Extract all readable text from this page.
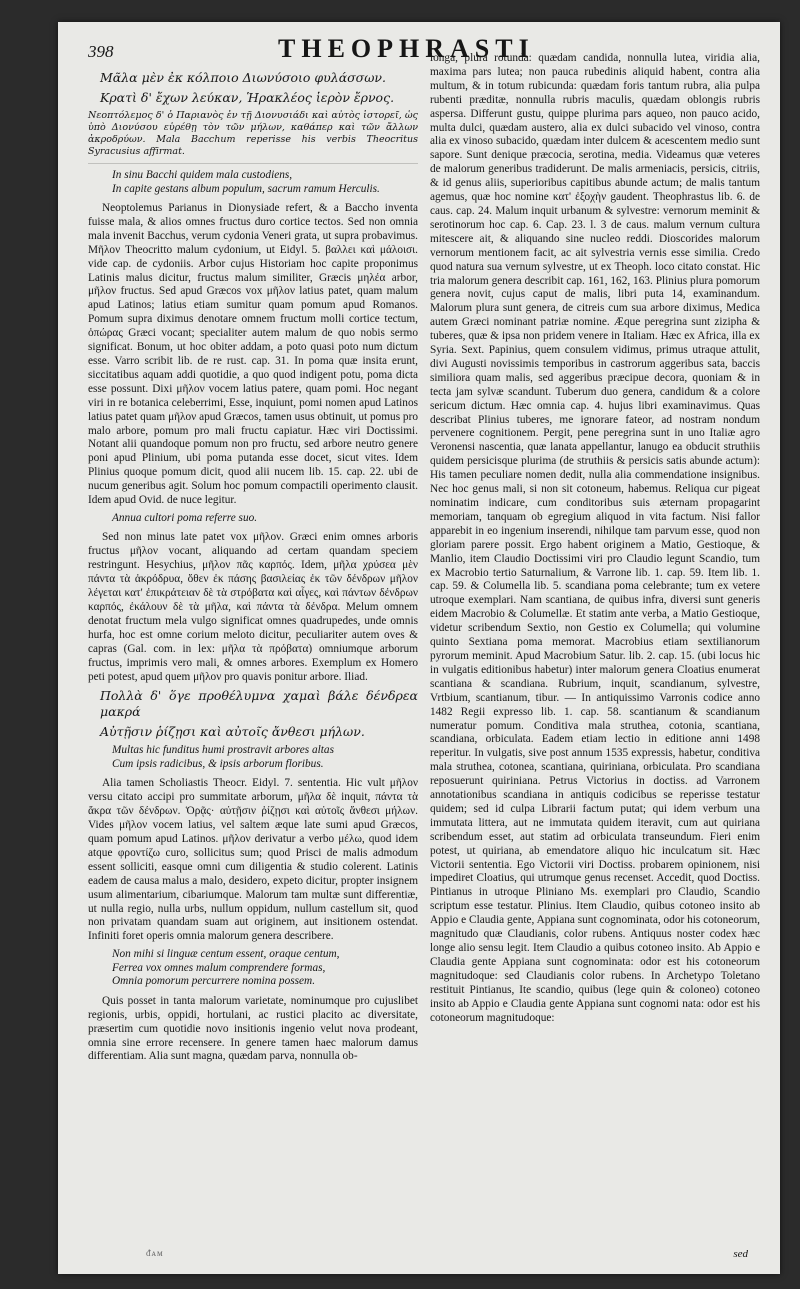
398	THEOPHRASTI
Μᾶλα μὲν ἐκ κόλποιο Διωνύσοιο φυλάσσων.
Κρατὶ δ' ἔχων λεύκαν, Ἡρακλέος ἱερὸν ἔρνος.
Νεοπτόλεμος δ' ὁ Παριανὸς ἐν τῇ Διονυσιάδι καὶ αὐτὸς ἱστορεῖ, ὡς ὑπὸ Διονύσου εὑρέθῃ τὸν τῶν μήλων, καθάπερ καὶ τῶν ἄλλων ἀκροδρύων. Mala Bacchum reperisse his verbis Theocritus Syracusius affirmat.
In sinu Bacchi quidem mala custodiens,
In capite gestans album populum, sacrum ramum Herculis.

Neoptolemus Parianus in Dionysiade refert, & a Baccho inventa fuisse mala, & alios omnes fructus duro cortice tectos. Sed non omnia mala invenit Bacchus, verum cydonia Veneri grata, ut supra probavimus. Μῆλον Theocritto malum cydonium, ut Eidyl. 5. βαλλει καὶ μάλοισι. vide cap. de cydoniis. Arbor cujus Historiam hoc capite proponimus Latinis malus dicitur, fructus malum similiter, Græcis μηλέα arbor, μῆλον fructus. Sed apud Græcos vox μῆλον latius patet, quam malum apud Latinos; latius etiam sumitur quam pomum apud Romanos. Pomum supra diximus denotare omnem fructum molli cortice tectum, ὀπώρας Græci vocant; specialiter autem malum de quo nobis sermo significat. Bonum, ut hoc obiter addam, a poto quasi poto num dictum esse. Varro scribit lib. de re rust. cap. 31. In poma quæ insita erunt, siccitatibus aquam addi quotidie, a quo quod indigent potu, poma dicta esse possunt. Dixi μῆλον vocem latius patere, quam pomi. Hoc negant viri in re botanica celeberrimi, Esse, inquiunt, pomi nomen apud Latinos latius patet quam μῆλον apud Græcos, tamen usus obtinuit, ut pomus pro malo arbore, pomum pro mali fructu capiatur. Hæc viri Doctissimi. Notant alii quandoque pomum non pro fructu, sed arbore neutro genere poni apud Plinium, ubi poma putanda esse docet, sicut vites. Idem Plinius quoque pomum dicit, quod alii nucem lib. 15. cap. 22. ubi de nucum generibus agit. Solum hoc pomum compactili operimento clausit. Idem apud Ovid. de nuce legitur.

Annua cultori poma referre suo.

Sed non minus late patet vox μῆλον. Græci enim omnes arboris fructus μῆλον vocant, aliquando ad certam quandam speciem restringunt. Hesychius, μῆλον πᾶς καρπός. Idem, μῆλα χρύσεα μὲν πάντα τὰ ἀκρόδρυα, ὅθεν ἐκ πάσης βασιλείας ἐκ τῶν δένδρων μῆλον λέγεται κατ' ἐπικράτειαν δὲ τὰ στρόβατα καὶ αἶγες, καὶ πάντων δένδρων καρπός, ἐκάλουν δὲ τὰ μῆλα, καὶ πάντα τὰ δένδρα. Melum omnem denotat fructum mela vulgo significat omnes quadrupedes, unde omnis hurfa, hoc est omne corium meloto dicitur, peculiariter autem oves & capras (Gal. com. in lex: μῆλα τὰ πρόβατα) omniumque arborum fructus, imprimis vero mali, & omnes arbores. Exemplum ex Homero peti potest, apud quem μῆλον pro quavis ponitur arbore. Iliad.

Πολλὰ δ' ὅγε προθέλυμνα χαμαὶ βάλε δένδρεα μακρά
Αὐτῇσιν ῥίζῃσι καὶ αὐτοῖς ἄνθεσι μήλων.
Multas hic funditus humi prostravit arbores altas
Cum ipsis radicibus, & ipsis arborum floribus.

Alia tamen Scholiastis Theocr. Eidyl. 7. sententia. Hic vult μῆλον versu citato accipi pro summitate arborum, μῆλα δὲ inquit, πάντα τὰ ἄκρα τῶν δένδρων. Ὁρᾷς· αὐτῇσιν ῥίζῃσι καὶ αὐτοῖς ἄνθεσι μήλων. Vides μῆλον vocem latius, vel saltem æque late sumi apud Græcos, quam pomum apud Latinos. μῆλον derivatur a verbo μέλω, quod idem atque φροντίζω curo, sollicitus sum; quod Prisci de malis admodum essent solliciti, easque omni cum diligentia & studio colerent. Latinis eadem de causa malus a malo, desidero, expeto dicitur, propter insignem usum alimentarium, cibariumque. Malorum tam multæ sunt differentiæ, ut nulla regio, nulla urbs, nullum oppidum, nullum castellum sit, quod non privatam quandam suam aut originem, aut insitionem ostendat. Infiniti foret operis omnia malorum genera describere.

Non mihi si linguæ centum essent, oraque centum,
Ferrea vox omnes malum comprendere formas,
Omnia pomorum percurrere nomina possem.

Quis posset in tanta malorum varietate, nominumque pro cujuslibet regionis, urbis, oppidi, hortulani, ac rustici placito ac diversitate, præsertim cum quotidie novo insitionis ingenio velut nova prodeant, omnia sine errore recensere. In genere tamen haec malorum damus differentiam. Alia sunt magna, quædam parva, nonnulla ob-

longa, plura rotunda: quædam candida, nonnulla lutea, viridia alia, maxima pars lutea; non pauca rubedinis aliquid habent, contra alia multum, & in totum rubicunda: quædam foris tantum rubra, alia pulpa rubenti præditæ, nonnulla rubris maculis, quædam oblongis rubris aspersa. Differunt gustu, quippe plurima pars aqueo, non pauco acido, multa dulci, quædam austero, alia ex dulci subacido vel vinoso, contra alia ex vinoso subacido, quædam inter dulcem & acescentem medio sunt sapore. Sunt denique præcocia, serotina, media. Videamus quæ veteres de malorum generibus tradiderunt. De malis armeniacis, persicis, citriis, & id genus aliis, superioribus capitibus abunde actum; de malis tantum agemus, quæ hoc nomine κατ' ἐξοχὴν gaudent. Theophrastus lib. 6. de caus. cap. 24. Malum inquit urbanum & sylvestre: vernorum meminit & serotinorum hoc cap. 6. Cap. 23. l. 3 de caus. malum vernum cultura mitescere ait, & aliquando sine nucleo reddi. Dioscorides malorum vernorum mentionem facit, ac ait sylvestria vernis esse similia. Credo quod natura sua vernum sylvestre, ut ex Theoph. loco citato constat. Hic tria malorum genera describit cap. 161, 162, 163. Plinius plura pomorum genera novit, cujus caput de malis, libri puta 14, examinandum. Malorum plura sunt genera, de citreis cum sua arbore diximus, Medica autem Græci nominant patriæ nomine. Æque peregrina sunt zizipha & tuberes, quæ & ipsa non pridem venere in Italiam. Hæc ex Africa, illa ex Syria. Sext. Papinius, quem consulem vidimus, primus utraque attulit, divi Augusti novissimis temporibus in castrorum aggeribus sata, baccis similiora quam malis, sed aggeribus præcipue decora, quoniam & in tecta jam sylvæ scandunt. Tuberum duo genera, candidum & a colore sericum dictum. Hæc omnia cap. 4. hujus libri examinavimus. Quas describat Plinius tuberes, me ignorare fateor, ad nostram nondum pervenere cognitionem. Pergit, pene peregrina sunt in uno Italiæ agro Veronensi nascentia, quæ lanata appellantur, lanugo ea obducit struthiis quidem persicisque plurima (de struthiis & persicis satis abunde actum): His tamen peculiare nomen dedit, nulla alia commendatione insignibus. Nec hoc genus mali, si non sit cotoneum, habemus. Reliqua cur pigeat nominatim indicare, cum conditoribus suis æternam propagarint memoriam, tanquam ob egregium aliquod in vita factum. Nisi fallor apparebit in eo ingenium inserendi, nihilque tam parvum esse, quod non gloriam parere possit. Ergo habent originem a Matio, Gestioque, & Manlio, item Claudio Doctissimi viri pro Claudio legunt Scandio, tum ex Macrobio tertio Saturnalium, & Varrone lib. 1. cap. 59. Item lib. 1. cap. 59. & Columella lib. 5. scandiana poma celebrante; tum ex vetere utroque exemplari. Nam scantiana, de quibus infra, diversi sunt generis eidem Macrobio & Columellæ. Et statim ante verba, a Matio Gestioque, videtur scribendum Sextio, non Gestio ex Columella; qui volumine quinto Sextiana poma memorat. Macrobius etiam sextilianorum pyrorum meminit. Apud Macrobium Satur. lib. 2. cap. 15. (ubi locus hic in vulgatis editionibus habetur) inter malorum genera Cloatius enumerat scantiana & scandiana. Rubrium, inquit, scandianum, sylvestre, Vrtbium, scantianum, tibur. — In antiquissimo Varronis codice anno 1482 Regii expresso lib. 1. cap. 58. scantianum & scandianum numeratur pomum. Conditiva mala struthea, cotonia, scantiana, scandiana, orbiculata. Eadem etiam lectio in editione anni 1498 reperitur. In vulgatis, sive post annum 1535 expressis, habetur, conditiva mala struthea, cotonea, scantiana, quiriniana, orbiculata. Pro scandiana reposuerunt quiriniana. Petrus Victorius in doctiss. ad Varronem annotationibus scandiana in antiquis codicibus se reperisse testatur quidem; sed id culpa Librarii factum putat; qui idem verbum una immutata littera, aut ne immutata quidem iteravit, cum aut quiriana scribendum esset, aut statim ad orbiculata transeundum. Fieri enim potest, ut quiriana, ab emendatore aliquo hic inculcatum sit. Hæc Victorii sententia. Ego Victorii viri Doctiss. probarem opinionem, nisi impediret Cloatius, qui utrumque genus recenset. Accedit, quod Doctiss. Pintianus in utroque Pliniano Ms. exemplari pro Claudio, Scandio scriptum esse testatur. Plinius. Item Claudio, quibus cotoneo insito ab Appio e Claudia gente, Appiana sunt cognominata, odor his cotoneorum, magnitudo quæ Claudianis, color rubens. Antiquus noster codex hæc longe alio sensu legit. Item Claudio a quibus cotoneo insito. Ab Appio e Claudia gente Appiana sunt cognominata: odor est his cotoneorum magnitudoque: sed Claudianis color rubens. In Archetypo Toletano restituit Pintianus, Ite scandio, quibus (lege quin & coloneo) cotoneo insito ab Appio e Claudia gente Appiana sunt cognomi nata: odor est his cotoneorum magnitudoque:

ᵭᴀᴍ	sed
